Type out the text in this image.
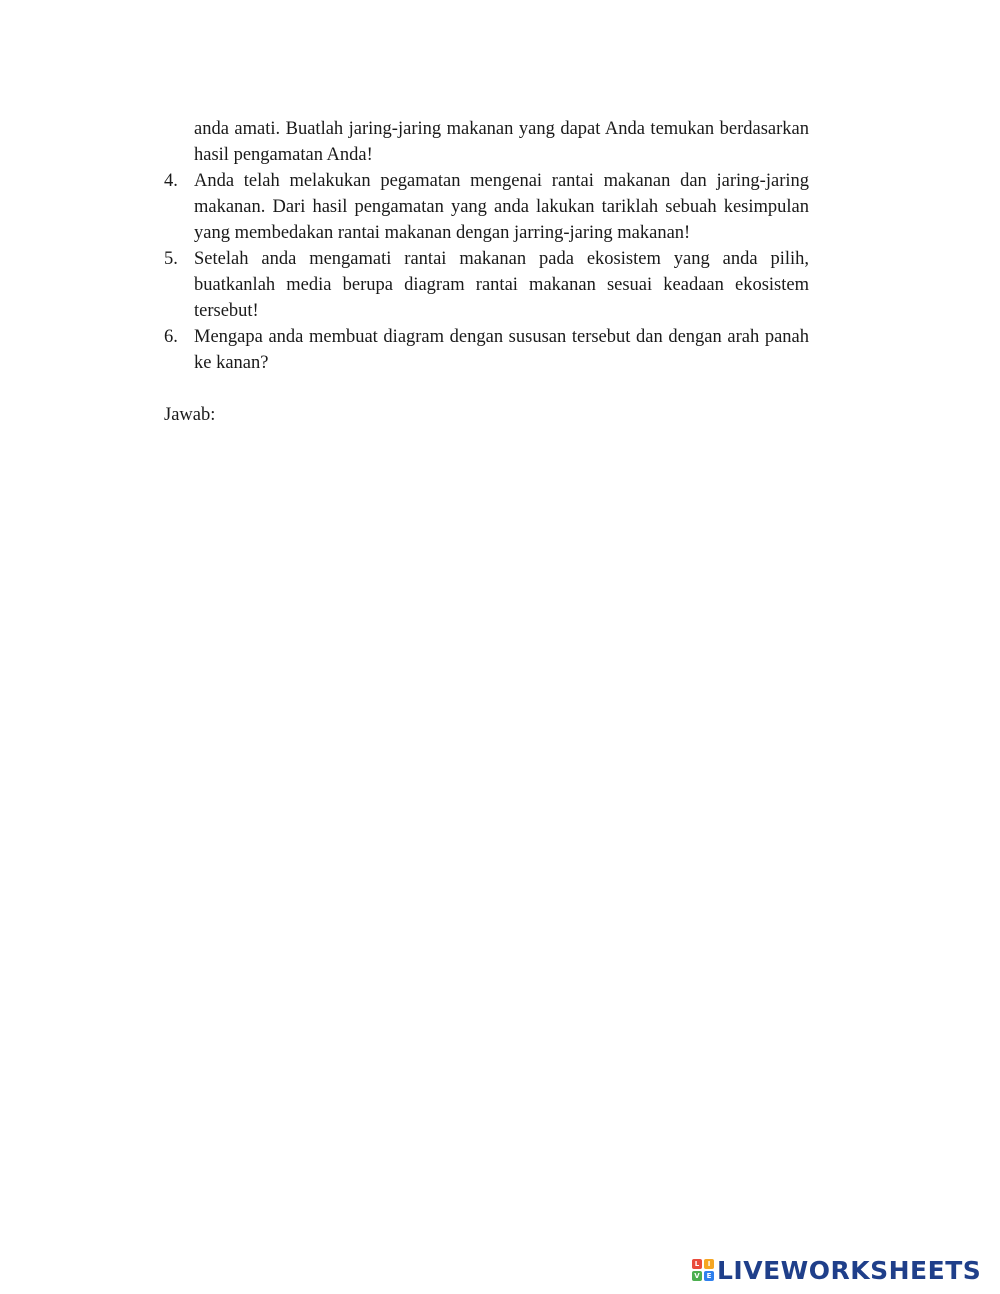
anda amati. Buatlah jaring-jaring makanan yang dapat Anda temukan berdasarkan hasil pengamatan Anda!
4. Anda telah melakukan pegamatan mengenai rantai makanan dan jaring-jaring makanan. Dari hasil pengamatan yang anda lakukan tariklah sebuah kesimpulan yang membedakan rantai makanan dengan jarring-jaring makanan!
5. Setelah anda mengamati rantai makanan pada ekosistem yang anda pilih, buatkanlah media berupa diagram rantai makanan sesuai keadaan ekosistem tersebut!
6. Mengapa anda membuat diagram dengan sususan tersebut dan dengan arah panah ke kanan?
Jawab:
L	I
V E LIVEWORKSHEETS
